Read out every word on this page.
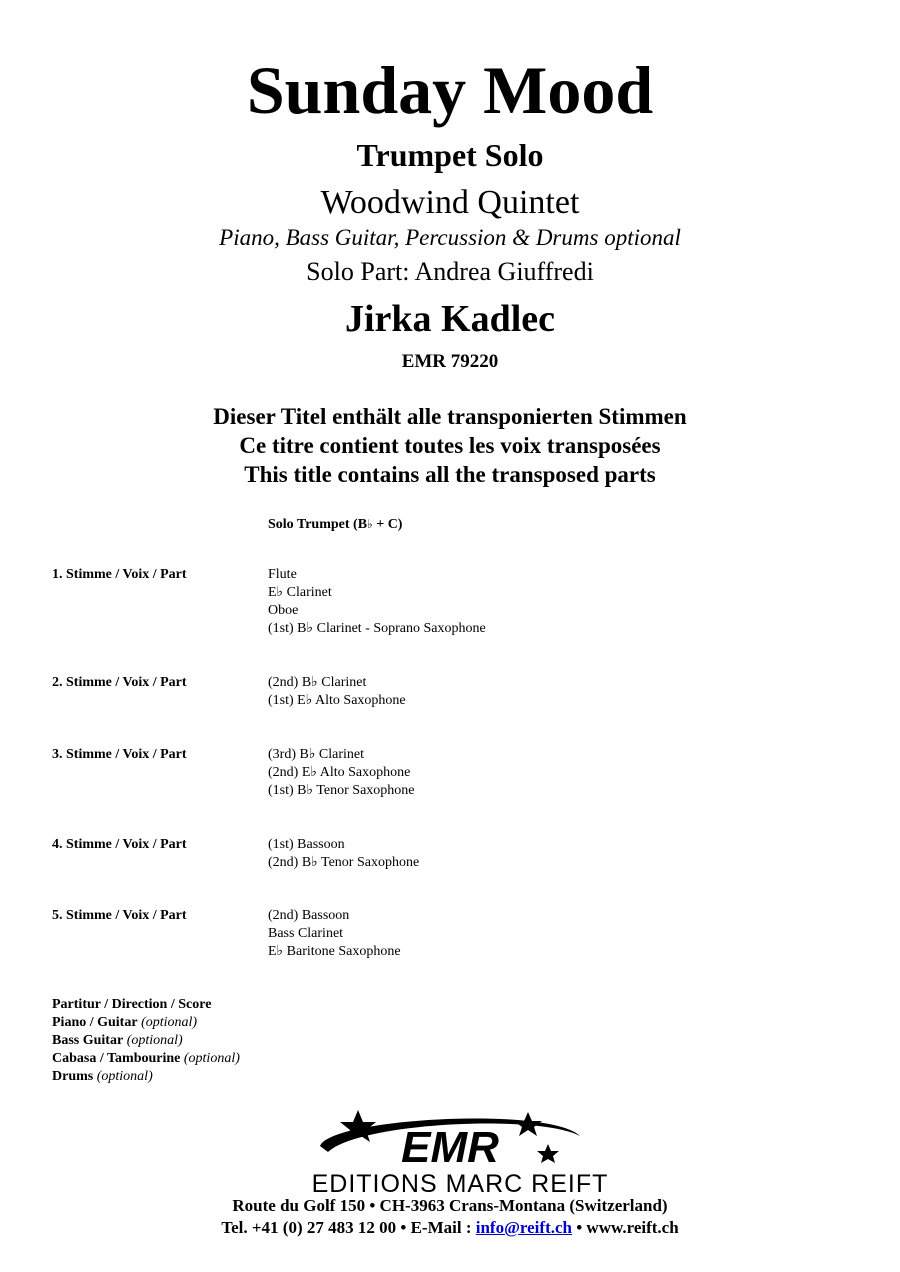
Sunday Mood
Trumpet Solo
Woodwind Quintet
Piano, Bass Guitar, Percussion & Drums optional
Solo Part: Andrea Giuffredi
Jirka Kadlec
EMR 79220
Dieser Titel enthält alle transponierten Stimmen
Ce titre contient toutes les voix transposées
This title contains all the transposed parts
Solo Trumpet (B♭ + C)
1. Stimme / Voix / Part	Flute
E♭ Clarinet
Oboe
(1st) B♭ Clarinet - Soprano Saxophone
2. Stimme / Voix / Part	(2nd) B♭ Clarinet
(1st) E♭ Alto Saxophone
3. Stimme / Voix / Part	(3rd) B♭ Clarinet
(2nd) E♭ Alto Saxophone
(1st) B♭ Tenor Saxophone
4. Stimme / Voix / Part	(1st) Bassoon
(2nd) B♭ Tenor Saxophone
5. Stimme / Voix / Part	(2nd) Bassoon
Bass Clarinet
E♭ Baritone Saxophone
Partitur / Direction / Score
Piano / Guitar (optional)
Bass Guitar (optional)
Cabasa / Tambourine (optional)
Drums (optional)
EMR
EDITIONS MARC REIFT
Route du Golf 150 • CH-3963 Crans-Montana (Switzerland)
Tel. +41 (0) 27 483 12 00 • E-Mail : info@reift.ch • www.reift.ch
